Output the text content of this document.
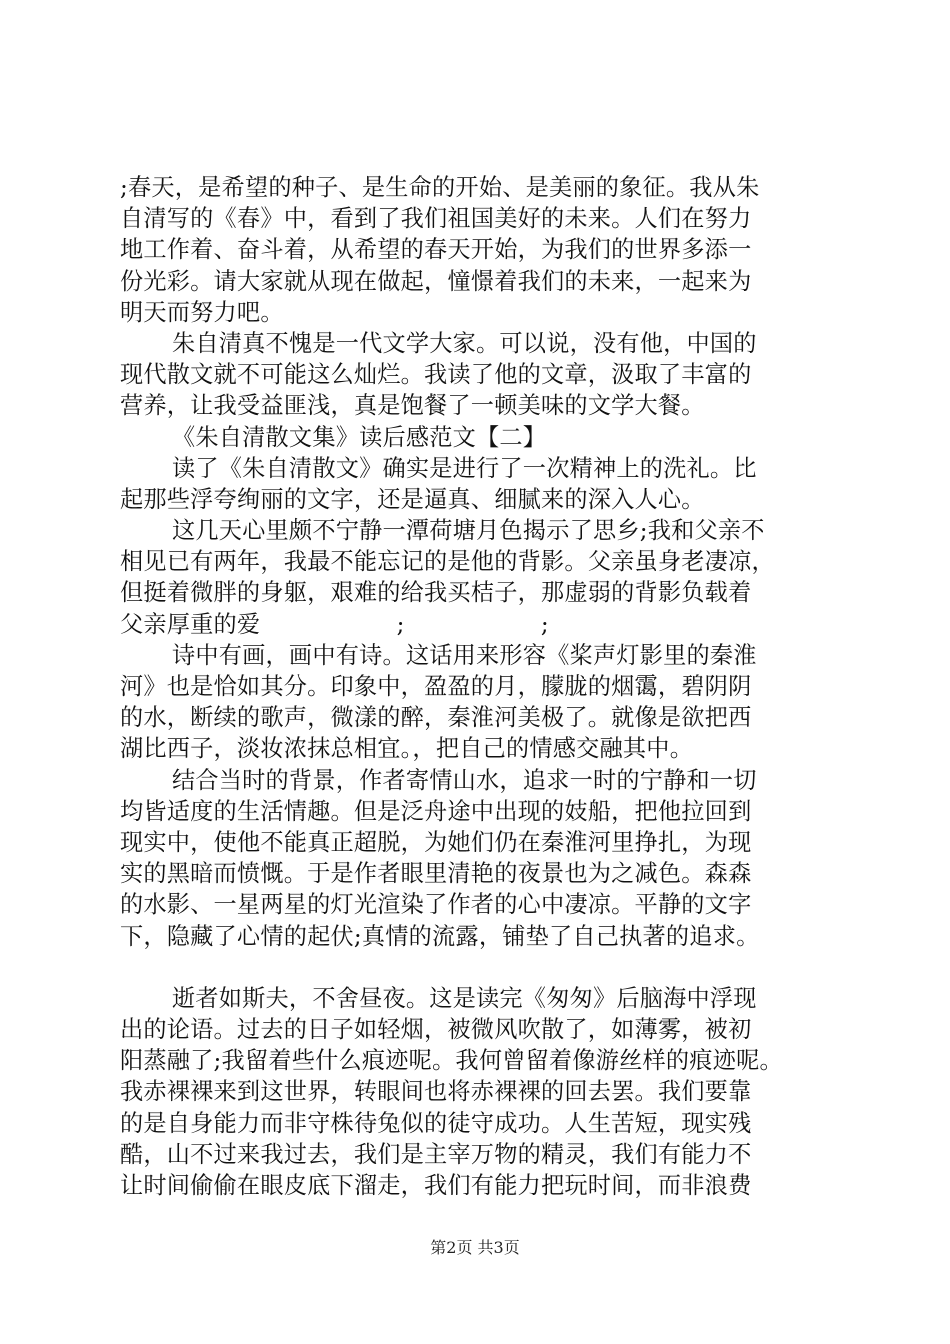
;春天，是希望的种子、是生命的开始、是美丽的象征。我从朱
自清写的《春》中，看到了我们祖国美好的未来。人们在努力
地工作着、奋斗着，从希望的春天开始，为我们的世界多添一
份光彩。请大家就从现在做起，憧憬着我们的未来，一起来为
明天而努力吧。
朱自清真不愧是一代文学大家。可以说，没有他，中国的
现代散文就不可能这么灿烂。我读了他的文章，汲取了丰富的
营养，让我受益匪浅，真是饱餐了一顿美味的文学大餐。
《朱自清散文集》读后感范文【二】
读了《朱自清散文》确实是进行了一次精神上的洗礼。比
起那些浮夸绚丽的文字，还是逼真、细腻来的深入人心。
这几天心里颇不宁静一潭荷塘月色揭示了思乡;我和父亲不
相见已有两年，我最不能忘记的是他的背影。父亲虽身老凄凉，
但挺着微胖的身躯，艰难的给我买桔子，那虚弱的背影负载着
父亲厚重的爱                  ;                  ;
诗中有画，画中有诗。这话用来形容《桨声灯影里的秦淮
河》也是恰如其分。印象中，盈盈的月，朦胧的烟霭，碧阴阴
的水，断续的歌声，微漾的醉，秦淮河美极了。就像是欲把西
湖比西子，淡妆浓抹总相宜。，把自己的情感交融其中。
结合当时的背景，作者寄情山水，追求一时的宁静和一切
均皆适度的生活情趣。但是泛舟途中出现的妓船，把他拉回到
现实中，使他不能真正超脱，为她们仍在秦淮河里挣扎，为现
实的黑暗而愤慨。于是作者眼里清艳的夜景也为之减色。森森
的水影、一星两星的灯光渲染了作者的心中凄凉。平静的文字
下，隐藏了心情的起伏;真情的流露，铺垫了自己执著的追求。
逝者如斯夫，不舍昼夜。这是读完《匆匆》后脑海中浮现
出的论语。过去的日子如轻烟，被微风吹散了，如薄雾，被初
阳蒸融了;我留着些什么痕迹呢。我何曾留着像游丝样的痕迹呢。
我赤裸裸来到这世界，转眼间也将赤裸裸的回去罢。我们要靠
的是自身能力而非守株待兔似的徒守成功。人生苦短，现实残
酷，山不过来我过去，我们是主宰万物的精灵，我们有能力不
让时间偷偷在眼皮底下溜走，我们有能力把玩时间，而非浪费
第2页 共3页
